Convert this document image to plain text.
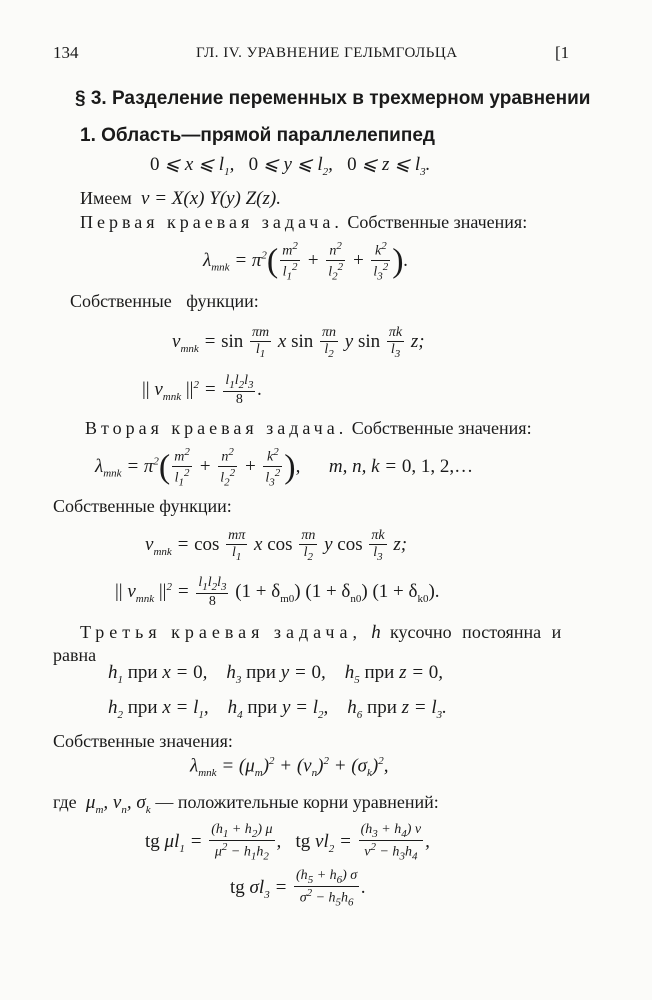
134	ГЛ. IV. УРАВНЕНИЕ ГЕЛЬМГОЛЬЦА	[1
§ 3. Разделение переменных в трехмерном уравнении
1. Область—прямой параллелепипед
0 ⩽ x ⩽ $l_1$,   0 ⩽ y ⩽ $l_2$,   0 ⩽ z ⩽ $l_3$.
Имеем  v = X(x) Y(y) Z(z).
Первая краевая задача. Собственные значения:
$\lambda_{mnk} = \pi^2( \frac{m^2}{l_1^2} + \frac{n^2}{l_2^2} + \frac{k^2}{l_3^2}$ ).
Собственные функции:
$v_{mnk} = \sin \frac{\pi m}{l_1}$ x $\sin \frac{\pi n}{l_2}$ y $\sin \frac{\pi k}{l_3} z$;
|| $v_{mnk}$ $||^2 = \frac{l_1l_2l_3}{8}$ .
Вторая краевая задача. Собственные значения:
$\lambda_{mnk} = \pi^2( \frac{m^2}{l_1^2} + \frac{n^2}{l_2^2} + \frac{k^2}{l_3^2}$ ),      m, n, k = 0, 1, 2,…
Собственные функции:
$v_{mnk} = \cos \frac{m\pi}{l_1}$ x $\cos \frac{\pi n}{l_2}$ y $\cos \frac{\pi k}{l_3} z$;
|| $v_{mnk}$ $||^2 = \frac{l_1l_2l_3}{8} (1 + \delta_{m0}) (1 + \delta_{n0}) (1 + \delta_{k0})$.
Третья краевая задача,  h  кусочно постоянна и
равна
$h_1$ при x = 0,    $h_3$ при y = 0,    $h_5$ при z = 0,
$h_2$ при $x = l_1$,    $h_4$ при $y = l_2$,    $h_6$ при $z = l_3$.
Собственные значения:
$\lambda_{mnk} = (\mu_m)^2 + (\nu_n)^2 + (\sigma_k)^2$,
где  $\mu_m$, $\nu_n$, $\sigma_k$ — положительные корни уравнений:
tg $\mu l_1 = \frac{(h_1 + h_2) \mu}{\mu^2 - h_1h_2}$ ,   tg $\nu l_2 = \frac{(h_3 + h_4) \nu}{\nu^2 - h_3h_4}$ ,
tg $\sigma l_3 = \frac{(h_5 + h_6) \sigma}{\sigma^2 - h_5h_6}$ .
